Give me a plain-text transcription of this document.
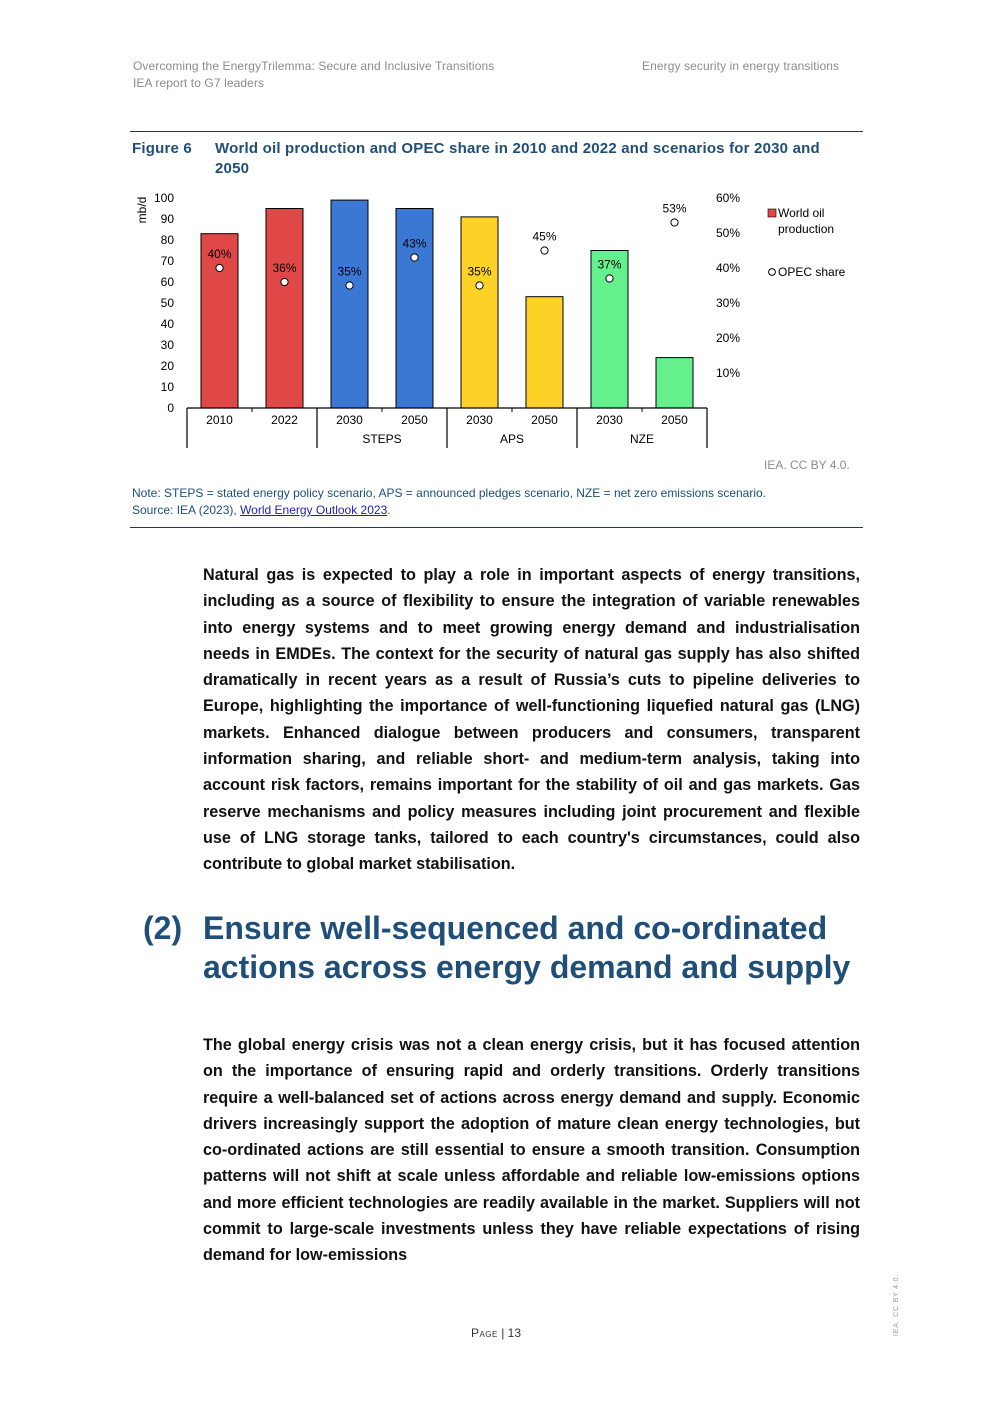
Overcoming the EnergyTrilemma: Secure and Inclusive Transitions
IEA report to G7 leaders
Energy security in energy transitions
Figure 6 World oil production and OPEC share in 2010 and 2022 and scenarios for 2030 and 2050
0
10
20
30
40
50
60
70
80
90
100
mb/d
10%
20%
30%
40%
50%
60%
2010	2022	2030	2050	2030	2050	2030	2050
STEPS	APS	NZE
40%
36%	35%
43%
35%
45%
37%
53%	World oil
production
OPEC share
IEA. CC BY 4.0.
Note: STEPS = stated energy policy scenario, APS = announced pledges scenario, NZE = net zero emissions scenario.
Source: IEA (2023), World Energy Outlook 2023.
Natural gas is expected to play a role in important aspects of energy transitions, including as a source of flexibility to ensure the integration of variable renewables into energy systems and to meet growing energy demand and industrialisation needs in EMDEs. The context for the security of natural gas supply has also shifted dramatically in recent years as a result of Russia’s cuts to pipeline deliveries to Europe, highlighting the importance of well-functioning liquefied natural gas (LNG) markets. Enhanced dialogue between producers and consumers, transparent information sharing, and reliable short- and medium-term analysis, taking into account risk factors, remains important for the stability of oil and gas markets. Gas reserve mechanisms and policy measures including joint procurement and flexible use of LNG storage tanks, tailored to each country's circumstances, could also contribute to global market stabilisation.
(2) Ensure well-sequenced and co-ordinated actions across energy demand and supply
The global energy crisis was not a clean energy crisis, but it has focused attention on the importance of ensuring rapid and orderly transitions. Orderly transitions require a well-balanced set of actions across energy demand and supply. Economic drivers increasingly support the adoption of mature clean energy technologies, but co-ordinated actions are still essential to ensure a smooth transition. Consumption patterns will not shift at scale unless affordable and reliable low-emissions options and more efficient technologies are readily available in the market. Suppliers will not commit to large-scale investments unless they have reliable expectations of rising demand for low-emissions
Page | 13	IEA. CC BY 4.0.
